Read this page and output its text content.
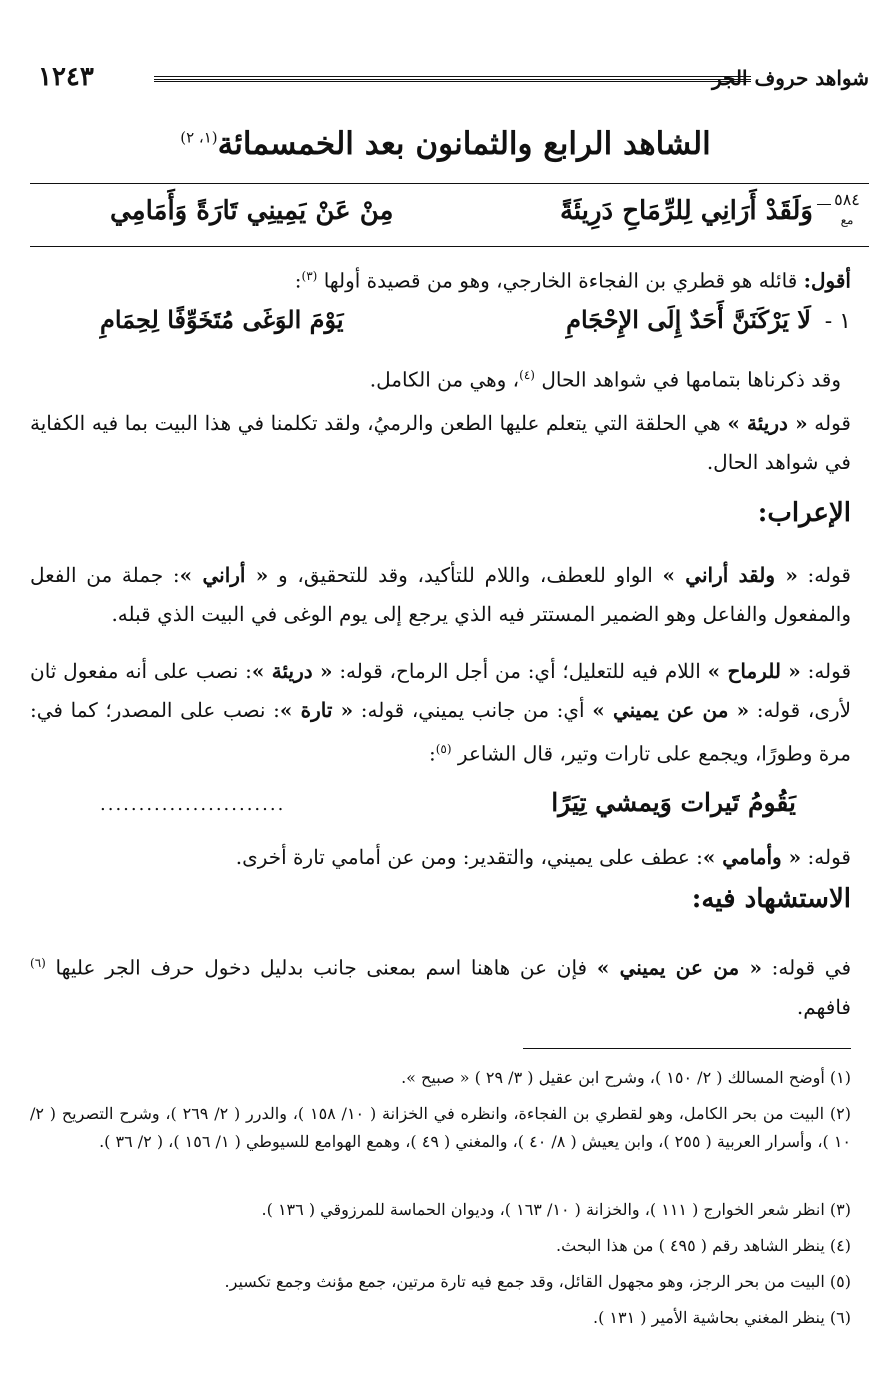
شواهد حروف الجر
١٢٤٣
الشاهد الرابع والثمانون بعد الخمسمائة$^{(١، ٢)}$
٥٨٤
مع
وَلَقَدْ أَرَانِي لِلرِّمَاحِ دَرِيئَةً
مِنْ عَنْ يَمِينِي تَارَةً وَأَمَامِي
أقول: قائله هو قطري بن الفجاءة الخارجي، وهو من قصيدة أولها $^{(٣)}$:
١ -
لَا يَرْكَنَنَّ أَحَدٌ إِلَى الإِحْجَامِ
يَوْمَ الوَغَى مُتَخَوِّفًا لِحِمَامِ
وقد ذكرناها بتمامها في شواهد الحال $^{(٤)}$، وهي من الكامل.
قوله « دريئة » هي الحلقة التي يتعلم عليها الطعن والرميُ، ولقد تكلمنا في هذا البيت بما فيه الكفاية في شواهد الحال.
الإعراب:
قوله: « ولقد أراني » الواو للعطف، واللام للتأكيد، وقد للتحقيق، و « أراني »: جملة من الفعل والمفعول والفاعل وهو الضمير المستتر فيه الذي يرجع إلى يوم الوغى في البيت الذي قبله.
قوله: « للرماح » اللام فيه للتعليل؛ أي: من أجل الرماح، قوله: « دريئة »: نصب على أنه مفعول ثان لأرى، قوله: « من عن يميني » أي: من جانب يميني، قوله: « تارة »: نصب على المصدر؛ كما في: مرة وطورًا، ويجمع على تارات وتير، قال الشاعر $^{(٥)}$:
يَقُومُ تَيرات وَيمشي تِيَرًا
........................
قوله: « وأمامي »: عطف على يميني، والتقدير: ومن عن أمامي تارة أخرى.
الاستشهاد فيه:
في قوله: « من عن يميني » فإن عن هاهنا اسم بمعنى جانب بدليل دخول حرف الجر عليها $^{(٦)}$ فافهم.
(١) أوضح المسالك ( ٢/ ١٥٠ )، وشرح ابن عقيل ( ٣/ ٢٩ ) « صبيح ».
(٢) البيت من بحر الكامل، وهو لقطري بن الفجاءة، وانظره في الخزانة ( ١٠/ ١٥٨ )، والدرر ( ٢/ ٢٦٩ )، وشرح التصريح ( ٢/ ١٠ )، وأسرار العربية ( ٢٥٥ )، وابن يعيش ( ٨/ ٤٠ )، والمغني ( ٤٩ )، وهمع الهوامع للسيوطي ( ١/ ١٥٦ )، ( ٢/ ٣٦ ).
(٣) انظر شعر الخوارج ( ١١١ )، والخزانة ( ١٠/ ١٦٣ )، وديوان الحماسة للمرزوقي ( ١٣٦ ).
(٤) ينظر الشاهد رقم ( ٤٩٥ ) من هذا البحث.
(٥) البيت من بحر الرجز، وهو مجهول القائل، وقد جمع فيه تارة مرتين، جمع مؤنث وجمع تكسير.
(٦) ينظر المغني بحاشية الأمير ( ١٣١ ).
